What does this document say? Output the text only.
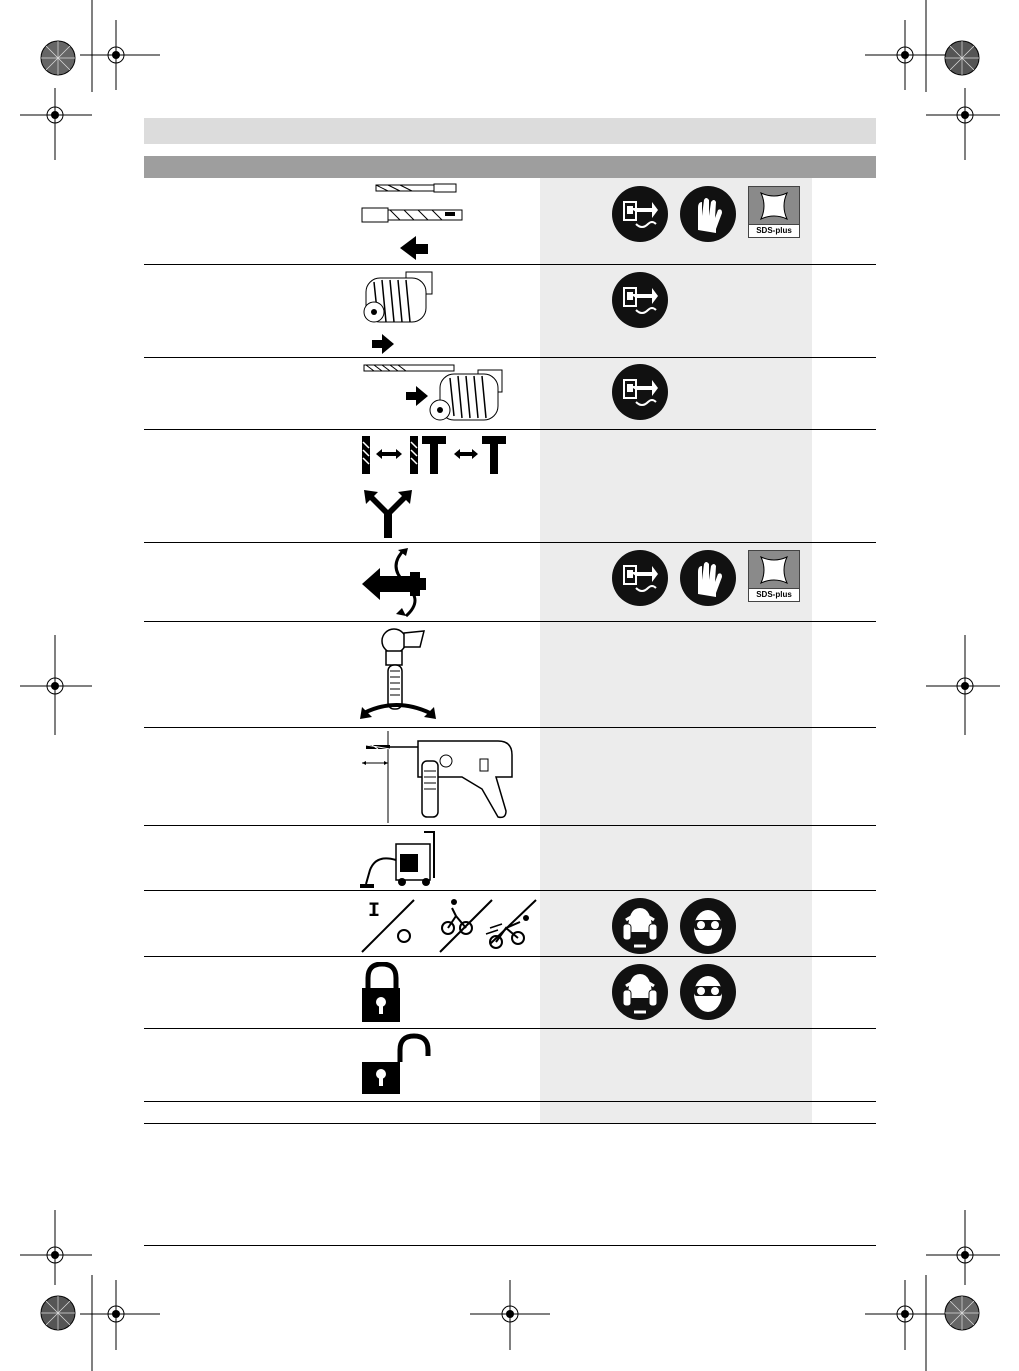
SDS-plus
SDS-plus
I
